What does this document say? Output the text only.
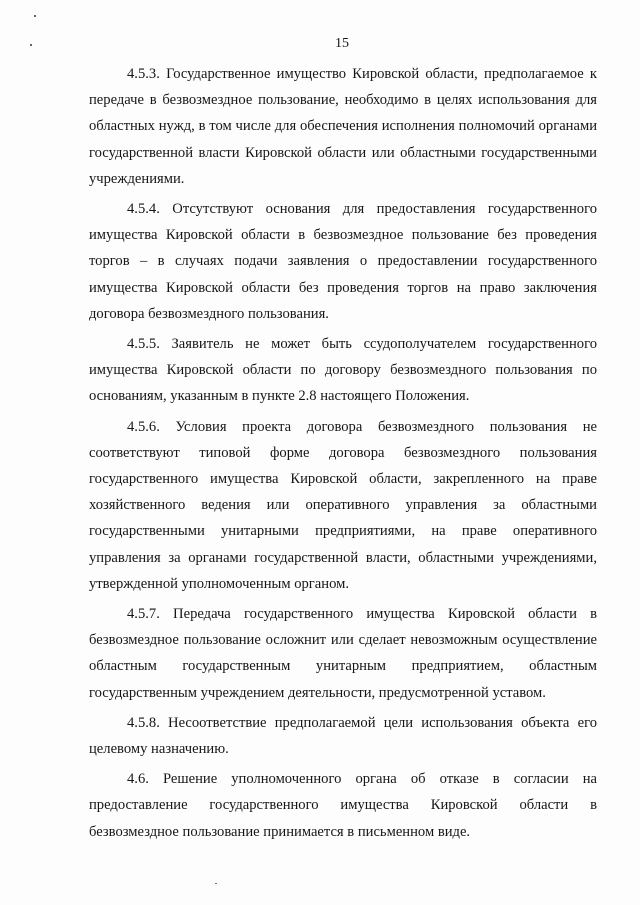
15

4.5.3. Государственное имущество Кировской области, предполагаемое к передаче в безвозмездное пользование, необходимо в целях использования для областных нужд, в том числе для обеспечения исполнения полномочий органами государственной власти Кировской области или областными государственными учреждениями.

4.5.4. Отсутствуют основания для предоставления государственного имущества Кировской области в безвозмездное пользование без проведения торгов – в случаях подачи заявления о предоставлении государственного имущества Кировской области без проведения торгов на право заключения договора безвозмездного пользования.

4.5.5. Заявитель не может быть ссудополучателем государственного имущества Кировской области по договору безвозмездного пользования по основаниям, указанным в пункте 2.8 настоящего Положения.

4.5.6. Условия проекта договора безвозмездного пользования не соответствуют типовой форме договора безвозмездного пользования государственного имущества Кировской области, закрепленного на праве хозяйственного ведения или оперативного управления за областными государственными унитарными предприятиями, на праве оперативного управления за органами государственной власти, областными учреждениями, утвержденной уполномоченным органом.

4.5.7. Передача государственного имущества Кировской области в безвозмездное пользование осложнит или сделает невозможным осуществление областным государственным унитарным предприятием, областным государственным учреждением деятельности, предусмотренной уставом.

4.5.8. Несоответствие предполагаемой цели использования объекта его целевому назначению.

4.6. Решение уполномоченного органа об отказе в согласии на предоставление государственного имущества Кировской области в безвозмездное пользование принимается в письменном виде.
